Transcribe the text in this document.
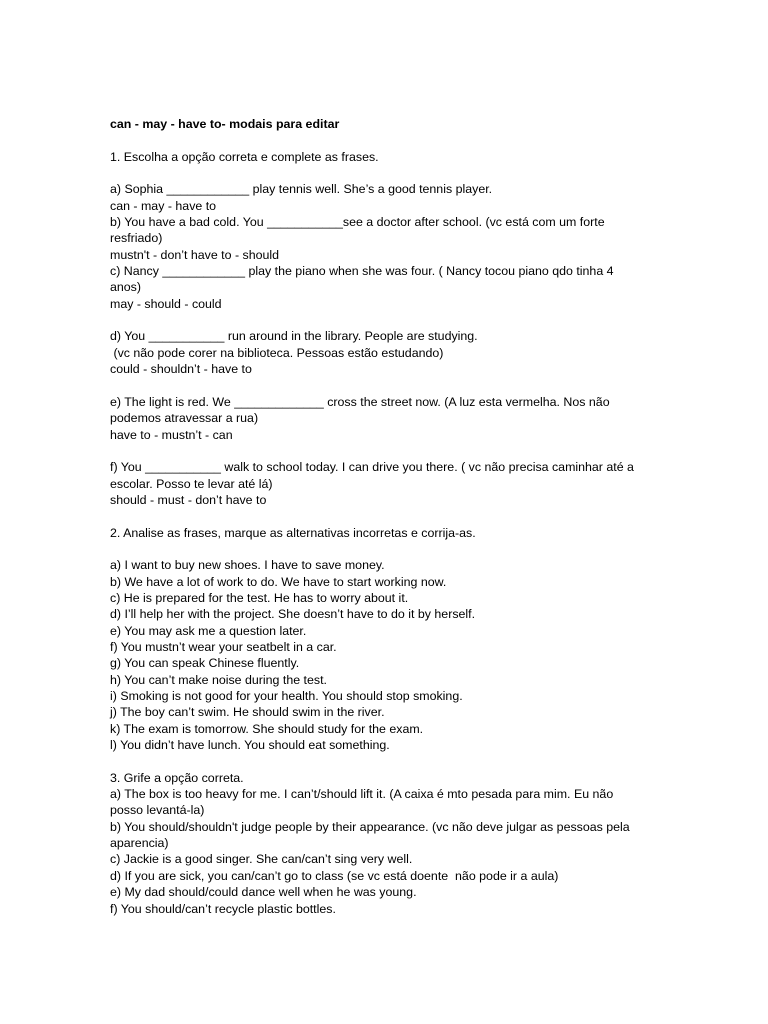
can - may - have to- modais para editar
1. Escolha a opção correta e complete as frases.
a) Sophia ____________ play tennis well. She’s a good tennis player.
can - may - have to
b) You have a bad cold. You ___________see a doctor after school. (vc está com um forte
resfriado)
mustn't - don’t have to - should
c) Nancy ____________ play the piano when she was four. ( Nancy tocou piano qdo tinha 4
anos)
may - should - could
d) You ___________ run around in the library. People are studying.
(vc não pode corer na biblioteca. Pessoas estão estudando)
could - shouldn’t - have to
e) The light is red. We _____________ cross the street now. (A luz esta vermelha. Nos não
podemos atravessar a rua)
have to - mustn’t - can
f) You ___________ walk to school today. I can drive you there. ( vc não precisa caminhar até a
escolar. Posso te levar até lá)
should - must - don’t have to
2. Analise as frases, marque as alternativas incorretas e corrija-as.
a) I want to buy new shoes. I have to save money.
b) We have a lot of work to do. We have to start working now.
c) He is prepared for the test. He has to worry about it.
d) I’ll help her with the project. She doesn’t have to do it by herself.
e) You may ask me a question later.
f) You mustn’t wear your seatbelt in a car.
g) You can speak Chinese fluently.
h) You can’t make noise during the test.
i) Smoking is not good for your health. You should stop smoking.
j) The boy can’t swim. He should swim in the river.
k) The exam is tomorrow. She should study for the exam.
l) You didn’t have lunch. You should eat something.
3. Grife a opção correta.
a) The box is too heavy for me. I can’t/should lift it. (A caixa é mto pesada para mim. Eu não
posso levantá-la)
b) You should/shouldn't judge people by their appearance. (vc não deve julgar as pessoas pela
aparencia)
c) Jackie is a good singer. She can/can’t sing very well.
d) If you are sick, you can/can’t go to class (se vc está doente  não pode ir a aula)
e) My dad should/could dance well when he was young.
f) You should/can’t recycle plastic bottles.
